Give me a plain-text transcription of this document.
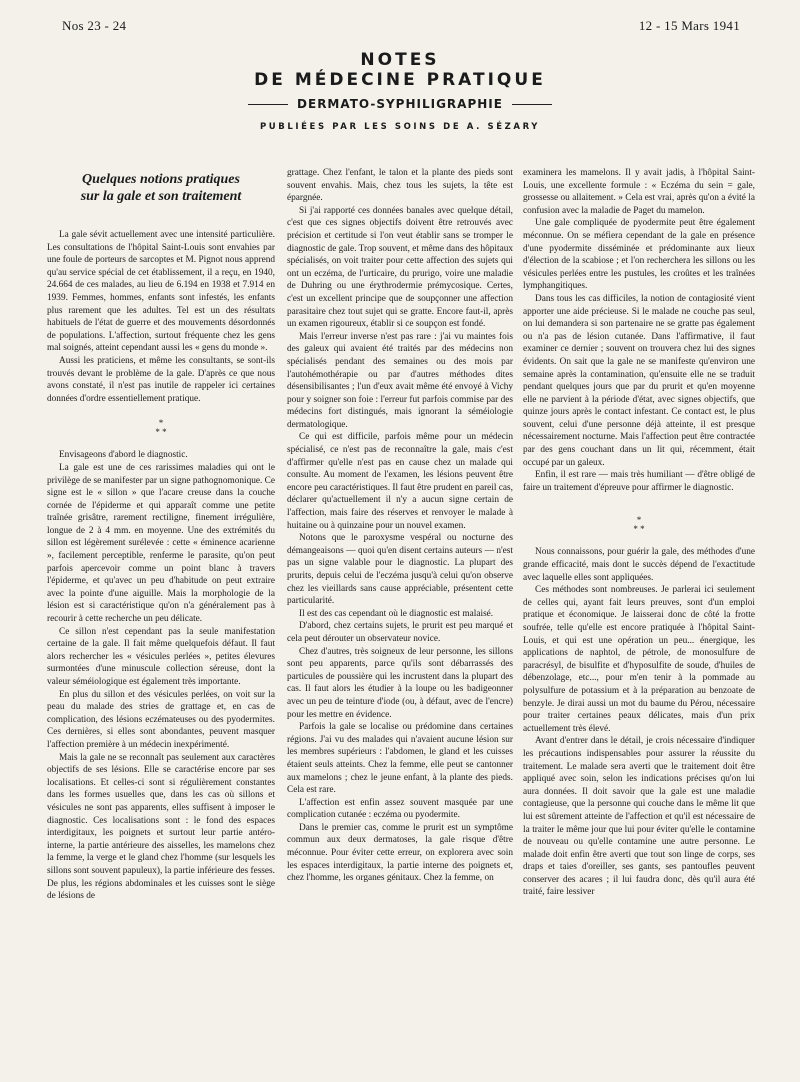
Nos 23 - 24	12 - 15 Mars 1941
NOTES
DE MÉDECINE PRATIQUE
DERMATO-SYPHILIGRAPHIE
PUBLIÉES PAR LES SOINS DE A. SÉZARY
Quelques notions pratiques
sur la gale et son traitement

La gale sévit actuellement avec une intensité particulière. Les consultations de l'hôpital Saint-Louis sont envahies par une foule de porteurs de sarcoptes et M. Pignot nous apprend qu'au service spécial de cet établissement, il a reçu, en 1940, 24.664 de ces malades, au lieu de 6.194 en 1938 et 7.914 en 1939. Femmes, hommes, enfants sont infestés, les enfants plus rarement que les adultes. Tel est un des résultats habituels de l'état de guerre et des mouvements désordonnés de populations. L'affection, surtout fréquente chez les gens mal soignés, atteint cependant aussi les « gens du monde ».

Aussi les praticiens, et même les consultants, se sont-ils trouvés devant le problème de la gale. D'après ce que nous avons constaté, il n'est pas inutile de rappeler ici certaines données d'ordre essentiellement pratique.

*
* *

Envisageons d'abord le diagnostic.

La gale est une de ces rarissimes maladies qui ont le privilège de se manifester par un signe pathognomonique. Ce signe est le « sillon » que l'acare creuse dans la couche cornée de l'épiderme et qui apparaît comme une petite traînée grisâtre, rarement rectiligne, finement irrégulière, longue de 2 à 4 mm. en moyenne. Une des extrémités du sillon est légèrement surélevée : cette « éminence acarienne », facilement perceptible, renferme le parasite, qu'on peut parfois apercevoir comme un point blanc à travers l'épiderme, et qu'avec un peu d'habitude on peut extraire avec la pointe d'une aiguille. Mais la morphologie de la lésion est si caractéristique qu'on n'a généralement pas à recourir à cette recherche un peu délicate.

Ce sillon n'est cependant pas la seule manifestation certaine de la gale. Il fait même quelquefois défaut. Il faut alors rechercher les « vésicules perlées », petites élevures surmontées d'une minuscule collection séreuse, dont la valeur séméiologique est également très importante.

En plus du sillon et des vésicules perlées, on voit sur la peau du malade des stries de grattage et, en cas de complication, des lésions eczémateuses ou des pyodermites. Ces dernières, si elles sont abondantes, peuvent masquer l'affection première à un médecin inexpérimenté.

Mais la gale ne se reconnaît pas seulement aux caractères objectifs de ses lésions. Elle se caractérise encore par ses localisations. Et celles-ci sont si régulièrement constantes dans les formes usuelles que, dans les cas où sillons et vésicules ne sont pas apparents, elles suffisent à imposer le diagnostic. Ces localisations sont : le fond des espaces interdigitaux, les poignets et surtout leur partie antéro-interne, la partie antérieure des aisselles, les mamelons chez la femme, la verge et le gland chez l'homme (sur lesquels les sillons sont souvent papuleux), la partie inférieure des fesses. De plus, les régions abdominales et les cuisses sont le siège de lésions de

grattage. Chez l'enfant, le talon et la plante des pieds sont souvent envahis. Mais, chez tous les sujets, la tête est épargnée.

Si j'ai rapporté ces données banales avec quelque détail, c'est que ces signes objectifs doivent être retrouvés avec précision et certitude si l'on veut établir sans se tromper le diagnostic de gale. Trop souvent, et même dans des hôpitaux spécialisés, on voit traiter pour cette affection des sujets qui ont un eczéma, de l'urticaire, du prurigo, voire une maladie de Duhring ou une érythrodermie prémycosique. Certes, c'est un excellent principe que de soupçonner une affection parasitaire chez tout sujet qui se gratte. Encore faut-il, après un examen rigoureux, établir si ce soupçon est fondé.

Mais l'erreur inverse n'est pas rare : j'ai vu maintes fois des galeux qui avaient été traités par des médecins non spécialisés pendant des semaines ou des mois par l'autohémothérapie ou par d'autres méthodes dites désensibilisantes ; l'un d'eux avait même été envoyé à Vichy pour y soigner son foie : l'erreur fut parfois commise par des médecins fort distingués, mais ignorant la séméiologie dermatologique.

Ce qui est difficile, parfois même pour un médecin spécialisé, ce n'est pas de reconnaître la gale, mais c'est d'affirmer qu'elle n'est pas en cause chez un malade qui consulte. Au moment de l'examen, les lésions peuvent être encore peu caractéristiques. Il faut être prudent en pareil cas, déclarer qu'actuellement il n'y a aucun signe certain de l'affection, mais faire des réserves et renvoyer le malade à huitaine ou à quinzaine pour un nouvel examen.

Notons que le paroxysme vespéral ou nocturne des démangeaisons — quoi qu'en disent certains auteurs — n'est pas un signe valable pour le diagnostic. La plupart des prurits, depuis celui de l'eczéma jusqu'à celui qu'on observe chez les vieillards sans cause appréciable, présentent cette particularité.

Il est des cas cependant où le diagnostic est malaisé.

D'abord, chez certains sujets, le prurit est peu marqué et cela peut dérouter un observateur novice.

Chez d'autres, très soigneux de leur personne, les sillons sont peu apparents, parce qu'ils sont débarrassés des particules de poussière qui les incrustent dans la plupart des cas. Il faut alors les étudier à la loupe ou les badigeonner avec un peu de teinture d'iode (ou, à défaut, avec de l'encre) pour les mettre en évidence.

Parfois la gale se localise ou prédomine dans certaines régions. J'ai vu des malades qui n'avaient aucune lésion sur les membres supérieurs : l'abdomen, le gland et les cuisses étaient seuls atteints. Chez la femme, elle peut se cantonner aux mamelons ; chez le jeune enfant, à la plante des pieds. Cela est rare.

L'affection est enfin assez souvent masquée par une complication cutanée : eczéma ou pyodermite.

Dans le premier cas, comme le prurit est un symptôme commun aux deux dermatoses, la gale risque d'être méconnue. Pour éviter cette erreur, on explorera avec soin les espaces interdigitaux, la partie interne des poignets et, chez l'homme, les organes génitaux. Chez la femme, on

examinera les mamelons. Il y avait jadis, à l'hôpital Saint-Louis, une excellente formule : « Eczéma du sein = gale, grossesse ou allaitement. » Cela est vrai, après qu'on a évité la confusion avec la maladie de Paget du mamelon.

Une gale compliquée de pyodermite peut être également méconnue. On se méfiera cependant de la gale en présence d'une pyodermite disséminée et prédominante aux lieux d'élection de la scabiose ; et l'on recherchera les sillons ou les vésicules perlées entre les pustules, les croûtes et les traînées lymphangitiques.

Dans tous les cas difficiles, la notion de contagiosité vient apporter une aide précieuse. Si le malade ne couche pas seul, on lui demandera si son partenaire ne se gratte pas également ou n'a pas de lésion cutanée. Dans l'affirmative, il faut examiner ce dernier ; souvent on trouvera chez lui des signes évidents. On sait que la gale ne se manifeste qu'environ une semaine après la contamination, qu'ensuite elle ne se traduit pendant quelques jours que par du prurit et qu'en moyenne elle ne parvient à la période d'état, avec signes objectifs, que quinze jours après le contact infestant. Ce contact est, le plus souvent, celui d'une personne déjà atteinte, il est presque nécessairement nocturne. Mais l'affection peut être contractée par des gens couchant dans un lit qui, récemment, était occupé par un galeux.

Enfin, il est rare — mais très humiliant — d'être obligé de faire un traitement d'épreuve pour affirmer le diagnostic.

*
* *

Nous connaissons, pour guérir la gale, des méthodes d'une grande efficacité, mais dont le succès dépend de l'exactitude avec laquelle elles sont appliquées.

Ces méthodes sont nombreuses. Je parlerai ici seulement de celles qui, ayant fait leurs preuves, sont d'un emploi pratique et économique. Je laisserai donc de côté la frotte soufrée, telle qu'elle est encore pratiquée à l'hôpital Saint-Louis, et qui est une opération un peu... énergique, les applications de naphtol, de pétrole, de monosulfure de paracrésyl, de bisulfite et d'hyposulfite de soude, d'huiles de débenzolage, etc..., pour m'en tenir à la pommade au polysulfure de potassium et à la préparation au benzoate de benzyle. Je dirai aussi un mot du baume du Pérou, nécessaire pour traiter certaines peaux délicates, mais d'un prix actuellement très élevé.

Avant d'entrer dans le détail, je crois nécessaire d'indiquer les précautions indispensables pour assurer la réussite du traitement. Le malade sera averti que le traitement doit être appliqué avec soin, selon les indications précises qu'on lui aura données. Il doit savoir que la gale est une maladie contagieuse, que la personne qui couche dans le même lit que lui est sûrement atteinte de l'affection et qu'il est nécessaire de la traiter le même jour que lui pour éviter qu'elle le contamine de nouveau ou qu'elle contamine une autre personne. Le malade doit enfin être averti que tout son linge de corps, ses draps et taies d'oreiller, ses gants, ses pantoufles peuvent conserver des acares ; il lui faudra donc, dès qu'il aura été traité, faire lessiver
